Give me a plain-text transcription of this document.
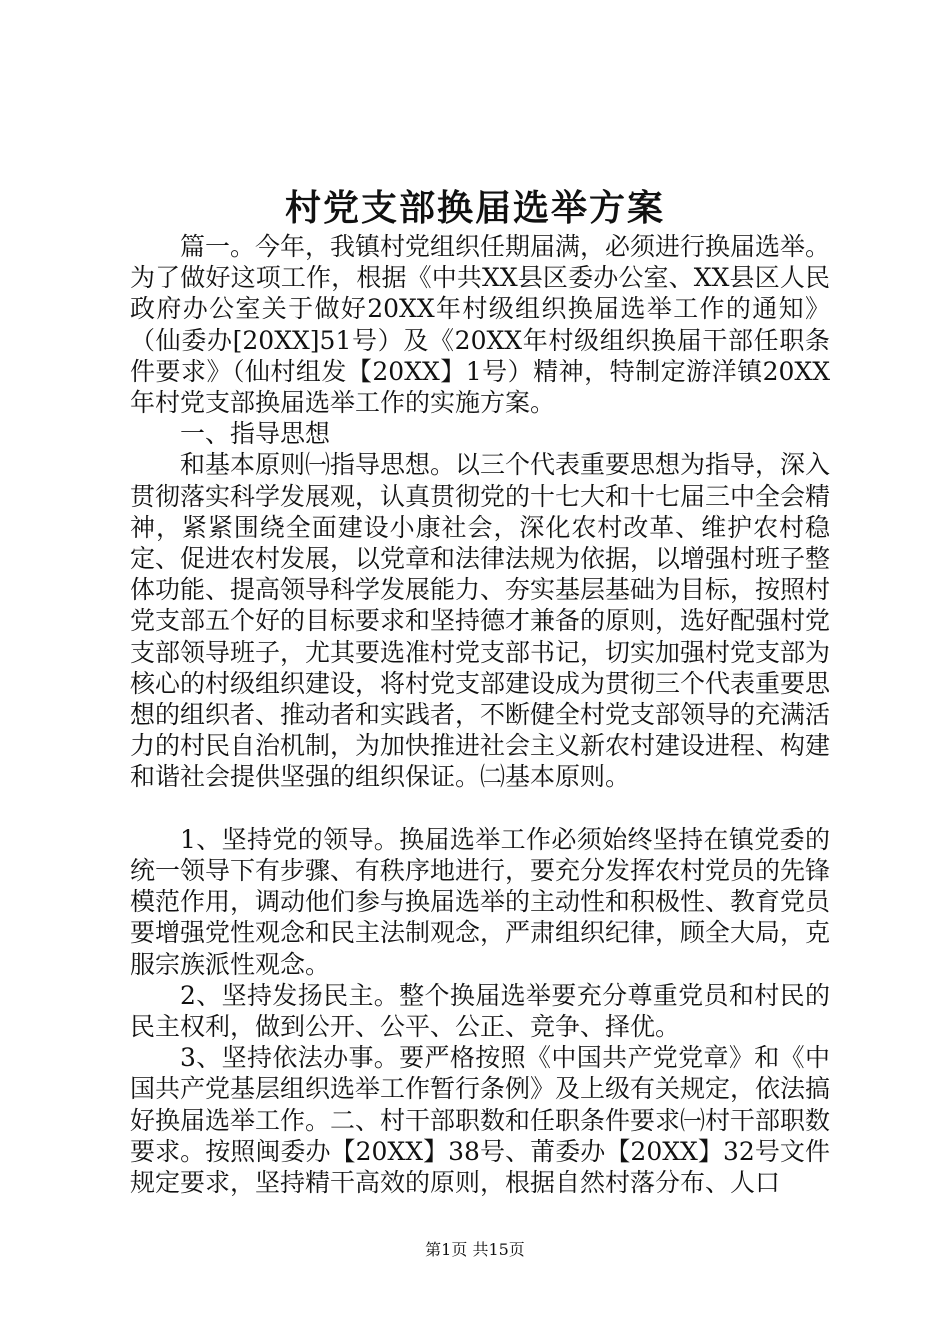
村党支部换届选举方案

篇一。今年，我镇村党组织任期届满，必须进行换届选举。为了做好这项工作，根据《中共XX县区委办公室、XX县区人民政府办公室关于做好20XX年村级组织换届选举工作的通知》（仙委办[20XX]51号）及《20XX年村级组织换届干部任职条件要求》（仙村组发【20XX】1号）精神，特制定游洋镇20XX年村党支部换届选举工作的实施方案。

一、指导思想

和基本原则㈠指导思想。以三个代表重要思想为指导，深入贯彻落实科学发展观，认真贯彻党的十七大和十七届三中全会精神，紧紧围绕全面建设小康社会，深化农村改革、维护农村稳定、促进农村发展，以党章和法律法规为依据，以增强村班子整体功能、提高领导科学发展能力、夯实基层基础为目标，按照村党支部五个好的目标要求和坚持德才兼备的原则，选好配强村党支部领导班子，尤其要选准村党支部书记，切实加强村党支部为核心的村级组织建设，将村党支部建设成为贯彻三个代表重要思想的组织者、推动者和实践者，不断健全村党支部领导的充满活力的村民自治机制，为加快推进社会主义新农村建设进程、构建和谐社会提供坚强的组织保证。㈡基本原则。

1、坚持党的领导。换届选举工作必须始终坚持在镇党委的统一领导下有步骤、有秩序地进行，要充分发挥农村党员的先锋模范作用，调动他们参与换届选举的主动性和积极性、教育党员要增强党性观念和民主法制观念，严肃组织纪律，顾全大局，克服宗族派性观念。

2、坚持发扬民主。整个换届选举要充分尊重党员和村民的民主权利，做到公开、公平、公正、竞争、择优。

3、坚持依法办事。要严格按照《中国共产党党章》和《中国共产党基层组织选举工作暂行条例》及上级有关规定，依法搞好换届选举工作。二、村干部职数和任职条件要求㈠村干部职数要求。按照闽委办【20XX】38号、莆委办【20XX】32号文件规定要求，坚持精干高效的原则，根据自然村落分布、人口

第1页 共15页
